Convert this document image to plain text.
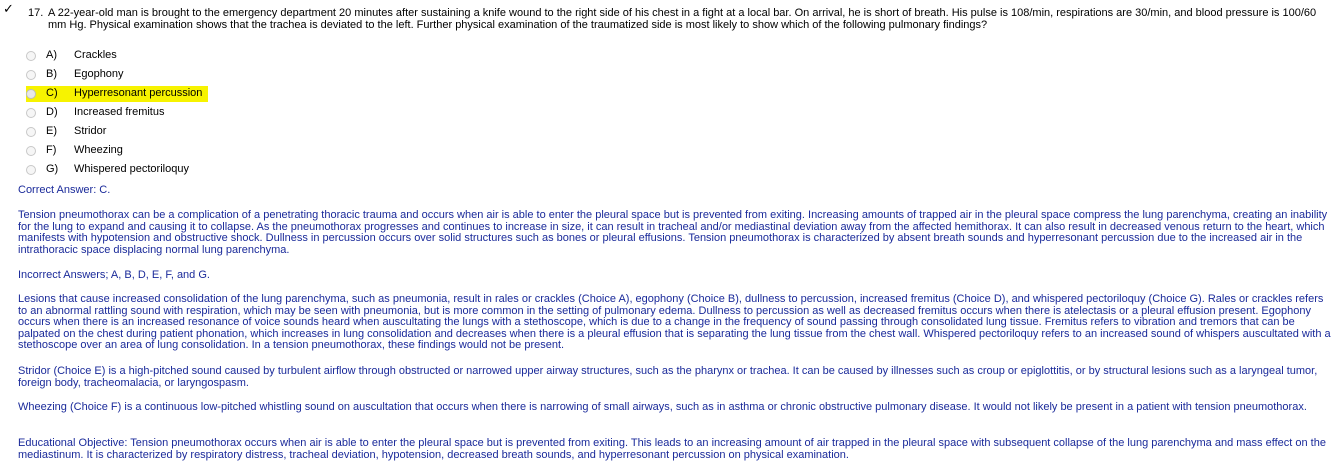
✓ 17. A 22-year-old man is brought to the emergency department 20 minutes after sustaining a knife wound to the right side of his chest in a fight at a local bar. On arrival, he is short of breath. His pulse is 108/min, respirations are 30/min, and blood pressure is 100/60 mm Hg. Physical examination shows that the trachea is deviated to the left. Further physical examination of the traumatized side is most likely to show which of the following pulmonary findings?
A)	Crackles
B)	Egophony
C)	Hyperresonant percussion
D)	Increased fremitus
E)	Stridor
F)	Wheezing
G)	Whispered pectoriloquy
Correct Answer: C.
Tension pneumothorax can be a complication of a penetrating thoracic trauma and occurs when air is able to enter the pleural space but is prevented from exiting. Increasing amounts of trapped air in the pleural space compress the lung parenchyma, creating an inability for the lung to expand and causing it to collapse. As the pneumothorax progresses and continues to increase in size, it can result in tracheal and/or mediastinal deviation away from the affected hemithorax. It can also result in decreased venous return to the heart, which manifests with hypotension and obstructive shock. Dullness in percussion occurs over solid structures such as bones or pleural effusions. Tension pneumothorax is characterized by absent breath sounds and hyperresonant percussion due to the increased air in the intrathoracic space displacing normal lung parenchyma.
Incorrect Answers; A, B, D, E, F, and G.
Lesions that cause increased consolidation of the lung parenchyma, such as pneumonia, result in rales or crackles (Choice A), egophony (Choice B), dullness to percussion, increased fremitus (Choice D), and whispered pectoriloquy (Choice G). Rales or crackles refers to an abnormal rattling sound with respiration, which may be seen with pneumonia, but is more common in the setting of pulmonary edema. Dullness to percussion as well as decreased fremitus occurs when there is atelectasis or a pleural effusion present. Egophony occurs when there is an increased resonance of voice sounds heard when auscultating the lungs with a stethoscope, which is due to a change in the frequency of sound passing through consolidated lung tissue. Fremitus refers to vibration and tremors that can be palpated on the chest during patient phonation, which increases in lung consolidation and decreases when there is a pleural effusion that is separating the lung tissue from the chest wall. Whispered pectoriloquy refers to an increased sound of whispers auscultated with a stethoscope over an area of lung consolidation. In a tension pneumothorax, these findings would not be present.
Stridor (Choice E) is a high-pitched sound caused by turbulent airflow through obstructed or narrowed upper airway structures, such as the pharynx or trachea. It can be caused by illnesses such as croup or epiglottitis, or by structural lesions such as a laryngeal tumor, foreign body, tracheomalacia, or laryngospasm.
Wheezing (Choice F) is a continuous low-pitched whistling sound on auscultation that occurs when there is narrowing of small airways, such as in asthma or chronic obstructive pulmonary disease. It would not likely be present in a patient with tension pneumothorax.
Educational Objective: Tension pneumothorax occurs when air is able to enter the pleural space but is prevented from exiting. This leads to an increasing amount of air trapped in the pleural space with subsequent collapse of the lung parenchyma and mass effect on the mediastinum. It is characterized by respiratory distress, tracheal deviation, hypotension, decreased breath sounds, and hyperresonant percussion on physical examination.
